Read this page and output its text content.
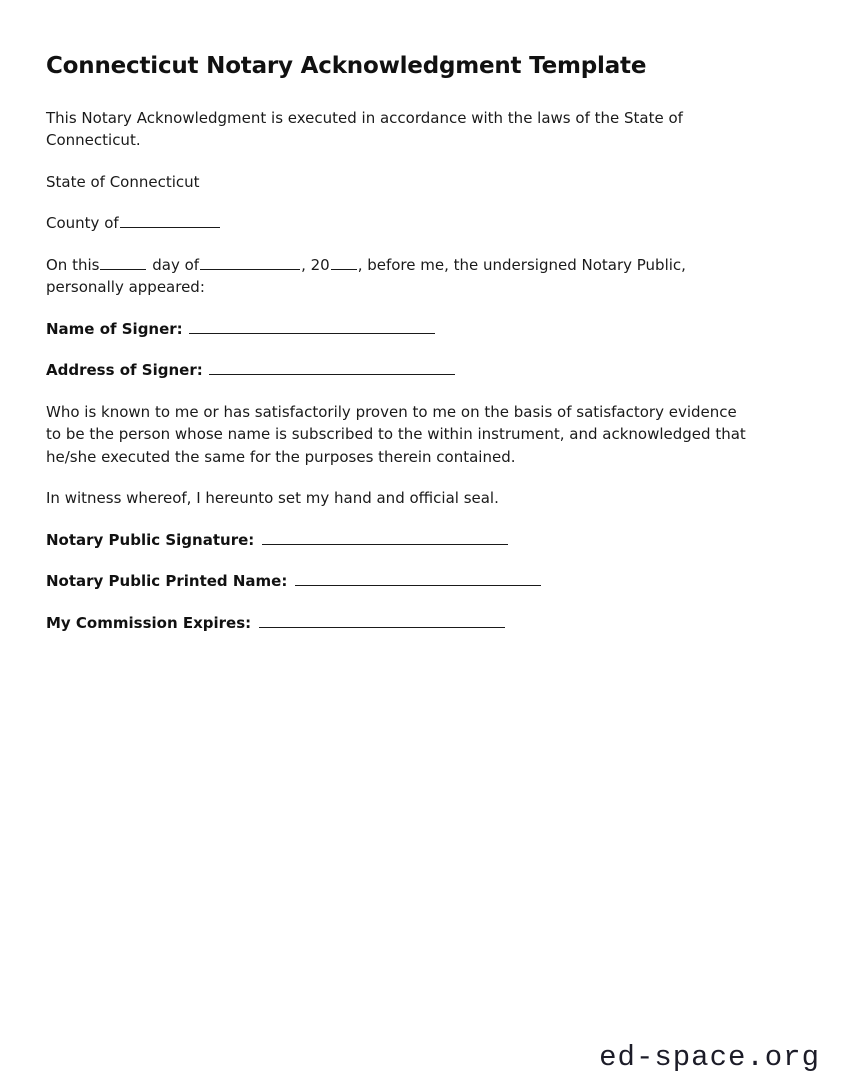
Connecticut Notary Acknowledgment Template

This Notary Acknowledgment is executed in accordance with the laws of the State of Connecticut.

State of Connecticut

County of

On this	day of	, 20 , before me, the undersigned Notary Public, personally appeared:

Name of Signer:

Address of Signer:

Who is known to me or has satisfactorily proven to me on the basis of satisfactory evidence to be the person whose name is subscribed to the within instrument, and acknowledged that he/she executed the same for the purposes therein contained.

In witness whereof, I hereunto set my hand and official seal.

Notary Public Signature:

Notary Public Printed Name:

My Commission Expires:

ed-space.org
